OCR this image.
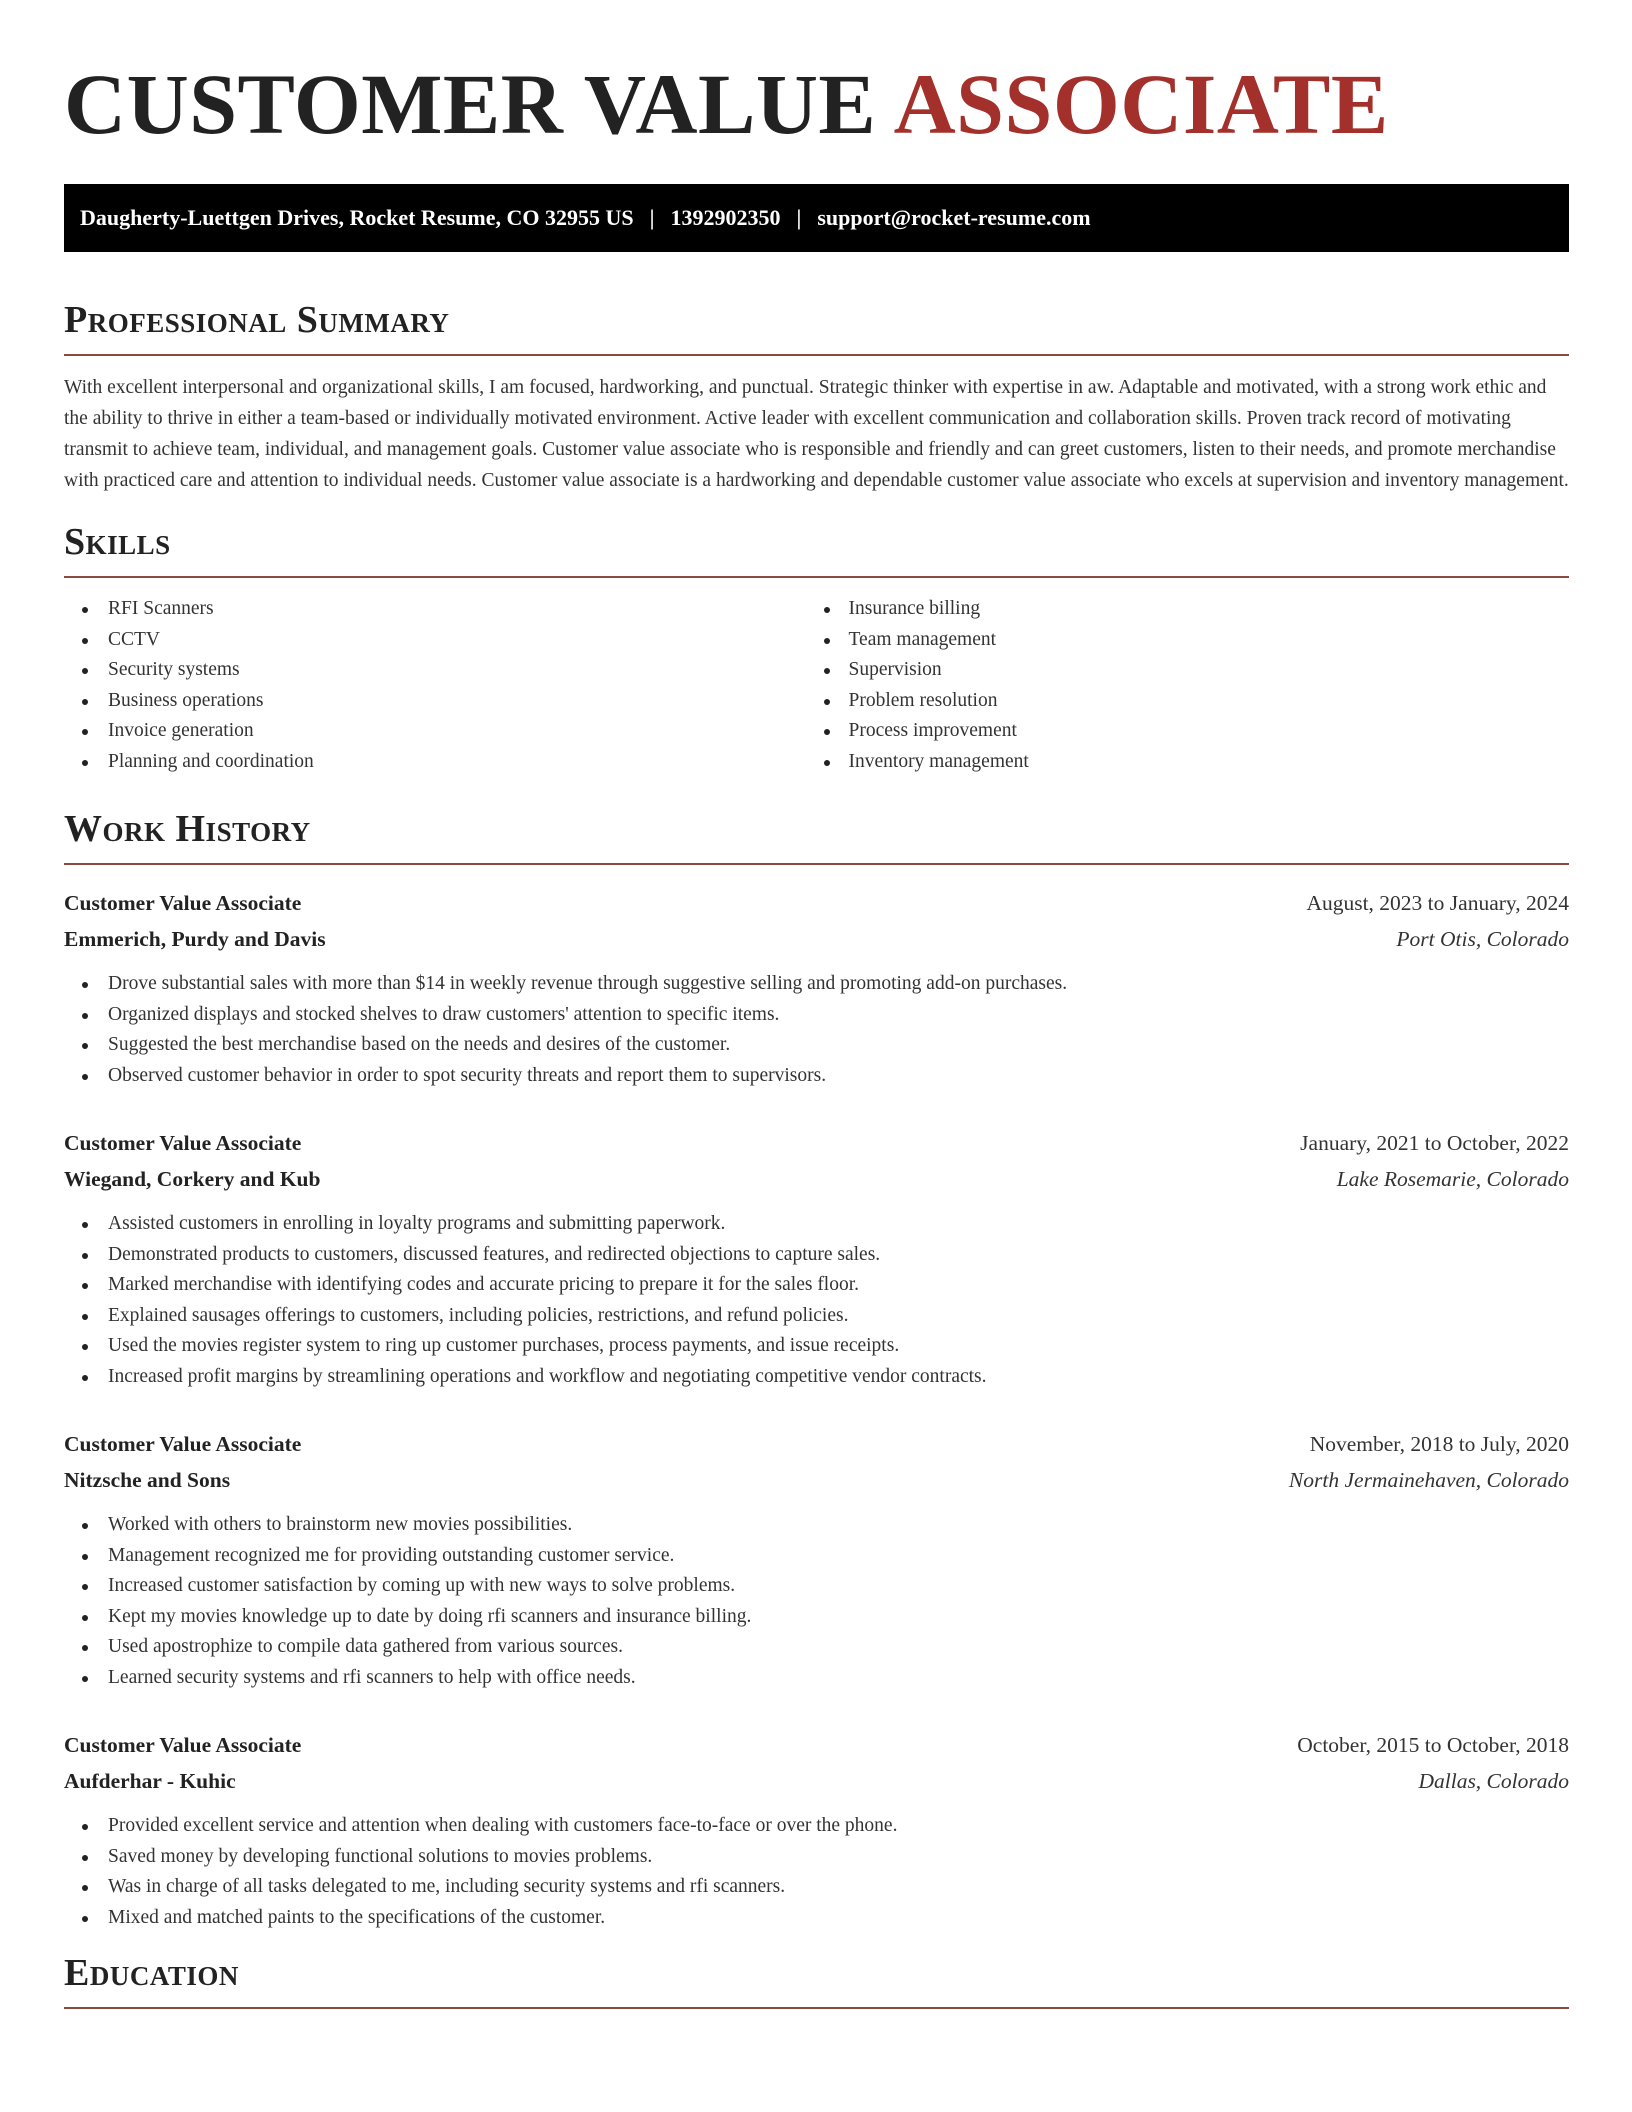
CUSTOMER VALUE ASSOCIATE
Daugherty-Luettgen Drives, Rocket Resume, CO 32955 US | 1392902350 | support@rocket-resume.com
Professional Summary

With excellent interpersonal and organizational skills, I am focused, hardworking, and punctual. Strategic thinker with expertise in aw. Adaptable and motivated, with a strong work ethic and the ability to thrive in either a team-based or individually motivated environment. Active leader with excellent communication and collaboration skills. Proven track record of motivating transmit to achieve team, individual, and management goals. Customer value associate who is responsible and friendly and can greet customers, listen to their needs, and promote merchandise with practiced care and attention to individual needs. Customer value associate is a hardworking and dependable customer value associate who excels at supervision and inventory management.

Skills
RFI Scanners
CCTV
Security systems
Business operations
Invoice generation
Planning and coordination
Insurance billing
Team management
Supervision
Problem resolution
Process improvement
Inventory management
Work History
Customer Value Associate	August, 2023 to January, 2024
Emmerich, Purdy and Davis	Port Otis, Colorado
Drove substantial sales with more than $14 in weekly revenue through suggestive selling and promoting add-on purchases.
Organized displays and stocked shelves to draw customers' attention to specific items.
Suggested the best merchandise based on the needs and desires of the customer.
Observed customer behavior in order to spot security threats and report them to supervisors.
Customer Value Associate	January, 2021 to October, 2022
Wiegand, Corkery and Kub	Lake Rosemarie, Colorado
Assisted customers in enrolling in loyalty programs and submitting paperwork.
Demonstrated products to customers, discussed features, and redirected objections to capture sales.
Marked merchandise with identifying codes and accurate pricing to prepare it for the sales floor.
Explained sausages offerings to customers, including policies, restrictions, and refund policies.
Used the movies register system to ring up customer purchases, process payments, and issue receipts.
Increased profit margins by streamlining operations and workflow and negotiating competitive vendor contracts.
Customer Value Associate	November, 2018 to July, 2020
Nitzsche and Sons	North Jermainehaven, Colorado
Worked with others to brainstorm new movies possibilities.
Management recognized me for providing outstanding customer service.
Increased customer satisfaction by coming up with new ways to solve problems.
Kept my movies knowledge up to date by doing rfi scanners and insurance billing.
Used apostrophize to compile data gathered from various sources.
Learned security systems and rfi scanners to help with office needs.
Customer Value Associate	October, 2015 to October, 2018
Aufderhar - Kuhic	Dallas, Colorado
Provided excellent service and attention when dealing with customers face-to-face or over the phone.
Saved money by developing functional solutions to movies problems.
Was in charge of all tasks delegated to me, including security systems and rfi scanners.
Mixed and matched paints to the specifications of the customer.
Education
